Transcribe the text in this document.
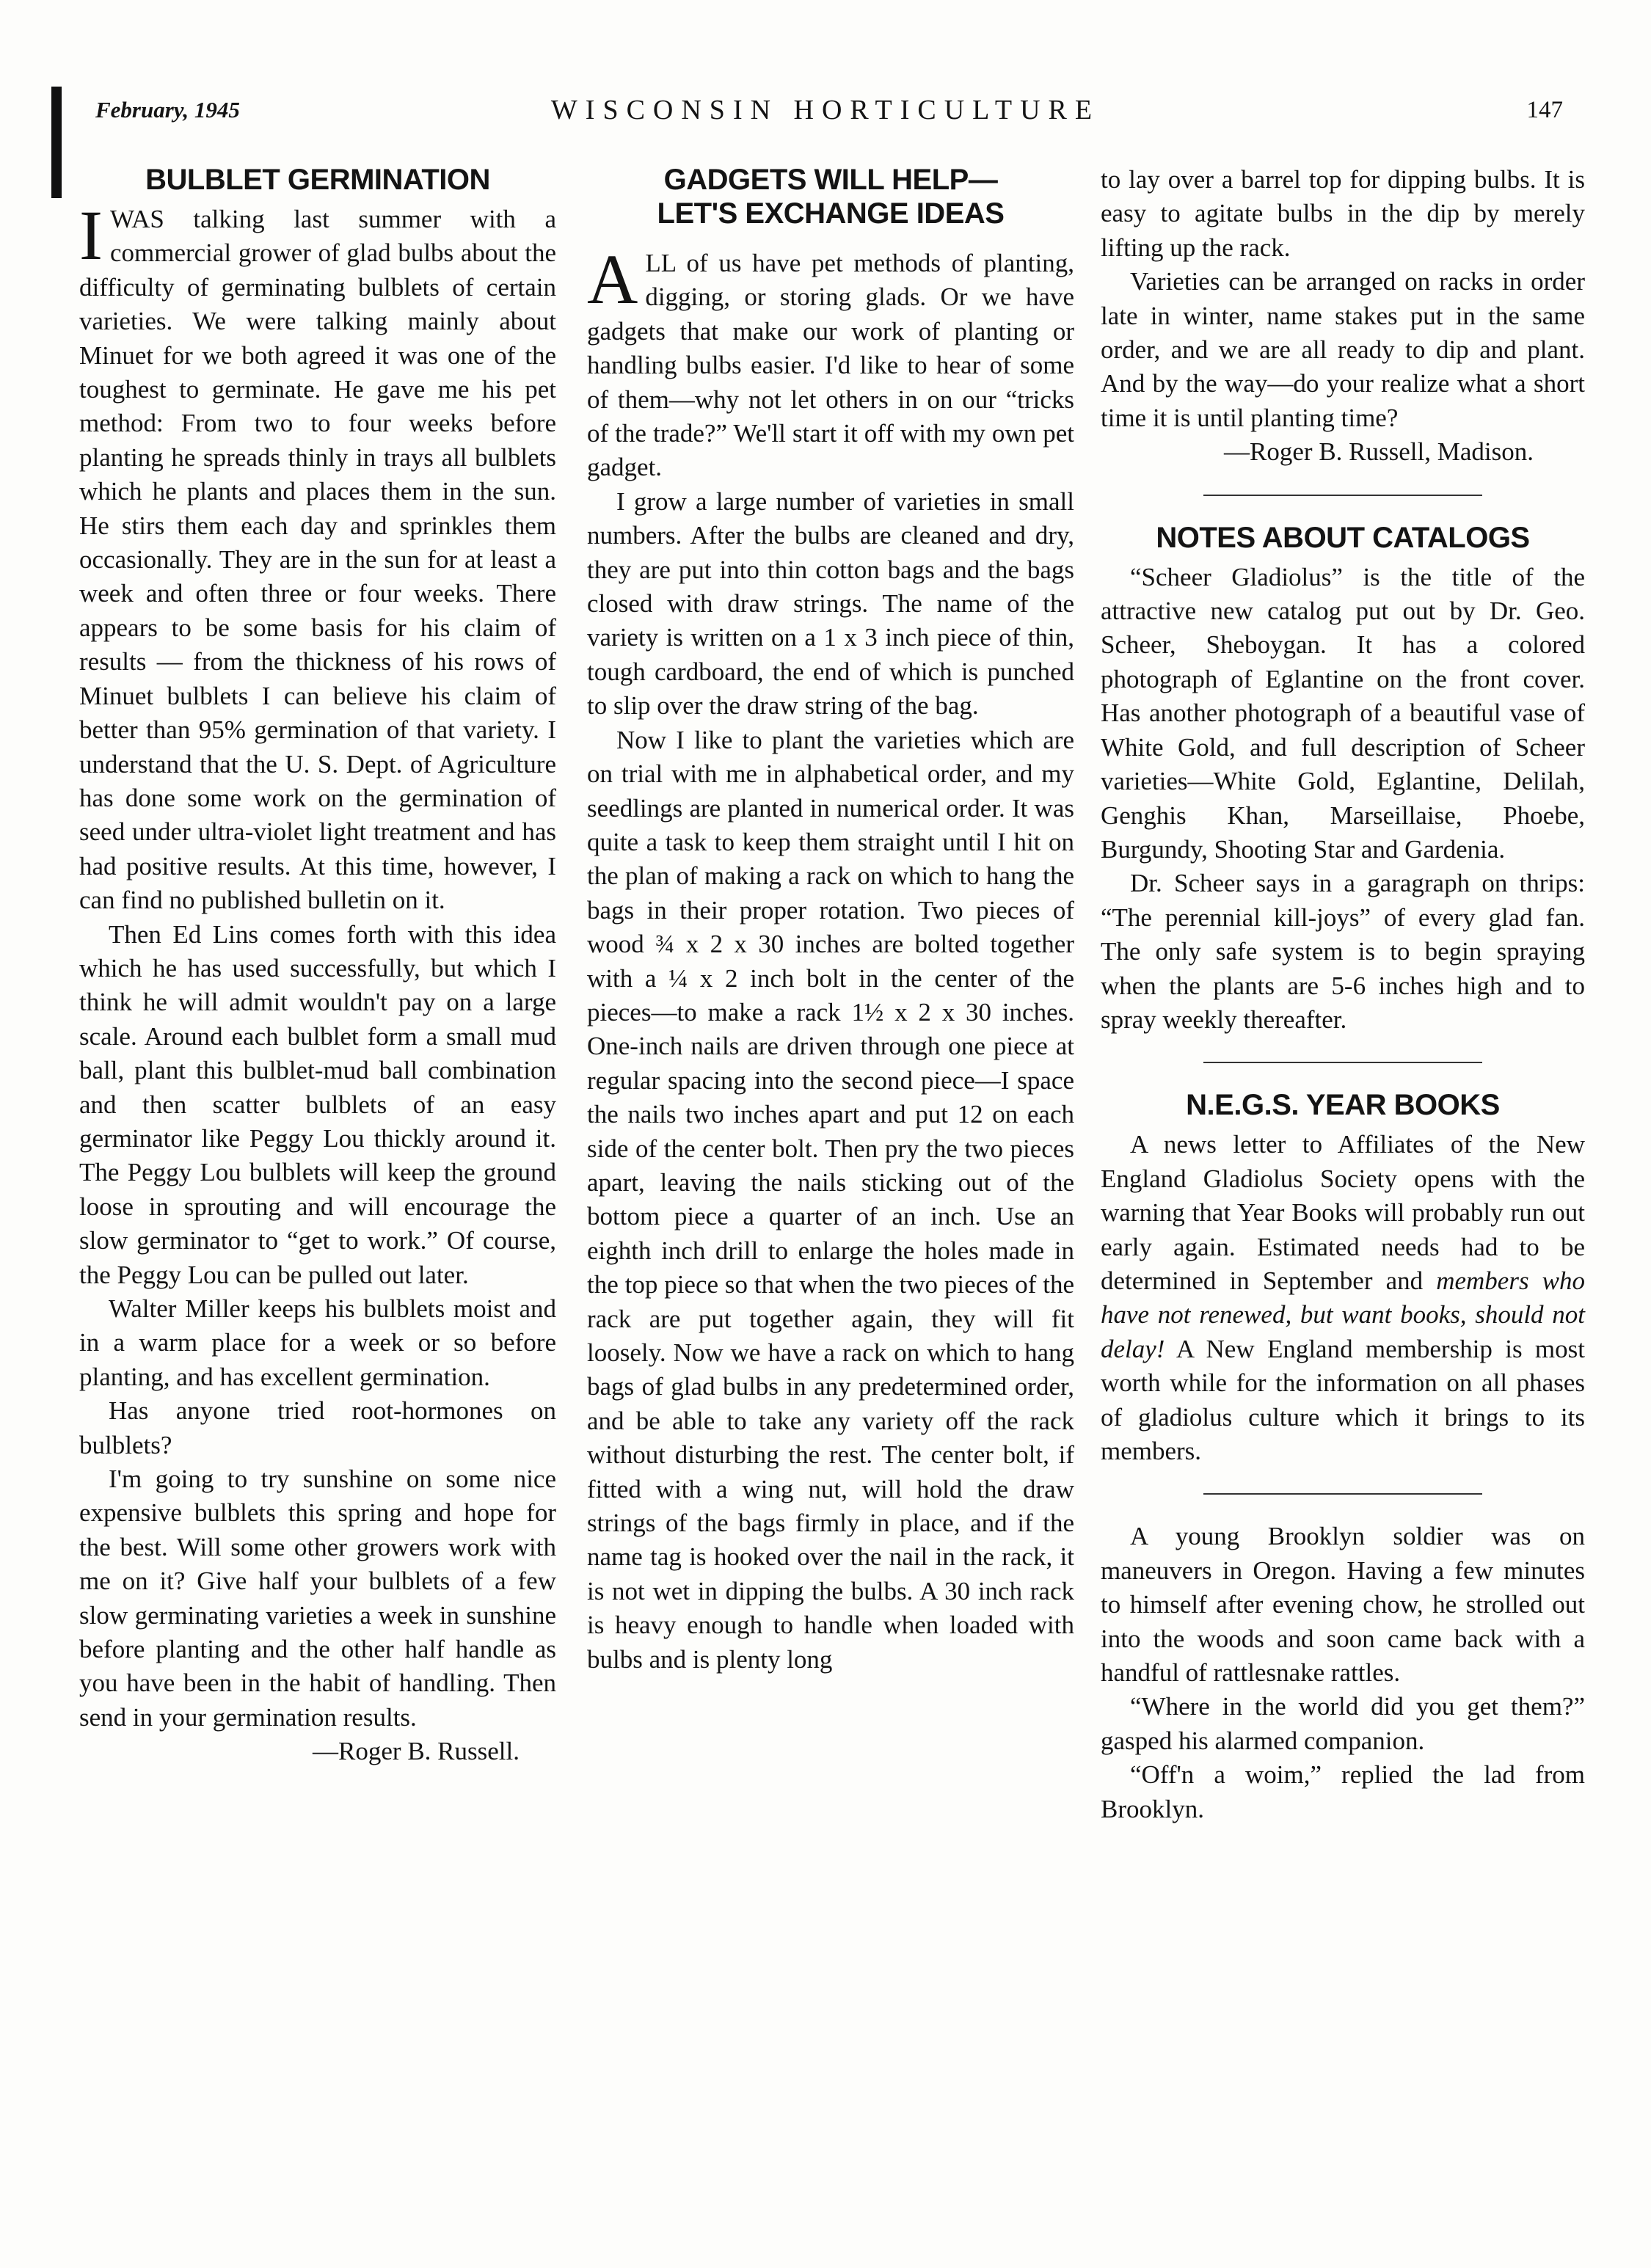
February, 1945	WISCONSIN HORTICULTURE	147
BULBLET GERMINATION

IWAS talking last summer with a commercial grower of glad bulbs about the difficulty of germinating bulblets of certain varieties. We were talking mainly about Minuet for we both agreed it was one of the toughest to germinate. He gave me his pet method: From two to four weeks before planting he spreads thinly in trays all bulblets which he plants and places them in the sun. He stirs them each day and sprinkles them occasionally. They are in the sun for at least a week and often three or four weeks. There appears to be some basis for his claim of results — from the thickness of his rows of Minuet bulblets I can believe his claim of better than 95% germination of that variety. I understand that the U. S. Dept. of Agriculture has done some work on the germination of seed under ultra-violet light treatment and has had positive results. At this time, however, I can find no published bulletin on it.

Then Ed Lins comes forth with this idea which he has used successfully, but which I think he will admit wouldn't pay on a large scale. Around each bulblet form a small mud ball, plant this bulblet-mud ball combination and then scatter bulblets of an easy germinator like Peggy Lou thickly around it. The Peggy Lou bulblets will keep the ground loose in sprouting and will encourage the slow germinator to “get to work.” Of course, the Peggy Lou can be pulled out later.

Walter Miller keeps his bulblets moist and in a warm place for a week or so before planting, and has excellent germination.

Has anyone tried root-hormones on bulblets?

I'm going to try sunshine on some nice expensive bulblets this spring and hope for the best. Will some other growers work with me on it? Give half your bulblets of a few slow germinating varieties a week in sunshine before planting and the other half handle as you have been in the habit of handling. Then send in your germination results.

—Roger B. Russell.

GADGETS WILL HELP—
LET'S EXCHANGE IDEAS

ALL of us have pet methods of planting, digging, or storing glads. Or we have gadgets that make our work of planting or handling bulbs easier. I'd like to hear of some of them—why not let others in on our “tricks of the trade?” We'll start it off with my own pet gadget.

I grow a large number of varieties in small numbers. After the bulbs are cleaned and dry, they are put into thin cotton bags and the bags closed with draw strings. The name of the variety is written on a 1 x 3 inch piece of thin, tough cardboard, the end of which is punched to slip over the draw string of the bag.

Now I like to plant the varieties which are on trial with me in alphabetical order, and my seedlings are planted in numerical order. It was quite a task to keep them straight until I hit on the plan of making a rack on which to hang the bags in their proper rotation. Two pieces of wood ¾ x 2 x 30 inches are bolted together with a ¼ x 2 inch bolt in the center of the pieces—to make a rack 1½ x 2 x 30 inches. One-inch nails are driven through one piece at regular spacing into the second piece—I space the nails two inches apart and put 12 on each side of the center bolt. Then pry the two pieces apart, leaving the nails sticking out of the bottom piece a quarter of an inch. Use an eighth inch drill to enlarge the holes made in the top piece so that when the two pieces of the rack are put together again, they will fit loosely. Now we have a rack on which to hang bags of glad bulbs in any predetermined order, and be able to take any variety off the rack without disturbing the rest. The center bolt, if fitted with a wing nut, will hold the draw strings of the bags firmly in place, and if the name tag is hooked over the nail in the rack, it is not wet in dipping the bulbs. A 30 inch rack is heavy enough to handle when loaded with bulbs and is plenty long

to lay over a barrel top for dipping bulbs. It is easy to agitate bulbs in the dip by merely lifting up the rack.

Varieties can be arranged on racks in order late in winter, name stakes put in the same order, and we are all ready to dip and plant. And by the way—do your realize what a short time it is until planting time?

—Roger B. Russell, Madison.

NOTES ABOUT CATALOGS

“Scheer Gladiolus” is the title of the attractive new catalog put out by Dr. Geo. Scheer, Sheboygan. It has a colored photograph of Eglantine on the front cover. Has another photograph of a beautiful vase of White Gold, and full description of Scheer varieties—White Gold, Eglantine, Delilah, Genghis Khan, Marseillaise, Phoebe, Burgundy, Shooting Star and Gardenia.

Dr. Scheer says in a garagraph on thrips: “The perennial kill-joys” of every glad fan. The only safe system is to begin spraying when the plants are 5-6 inches high and to spray weekly thereafter.

N.E.G.S. YEAR BOOKS

A news letter to Affiliates of the New England Gladiolus Society opens with the warning that Year Books will probably run out early again. Estimated needs had to be determined in September and members who have not renewed, but want books, should not delay! A New England membership is most worth while for the information on all phases of gladiolus culture which it brings to its members.

A young Brooklyn soldier was on maneuvers in Oregon. Having a few minutes to himself after evening chow, he strolled out into the woods and soon came back with a handful of rattlesnake rattles.

“Where in the world did you get them?” gasped his alarmed companion.

“Off'n a woim,” replied the lad from Brooklyn.
